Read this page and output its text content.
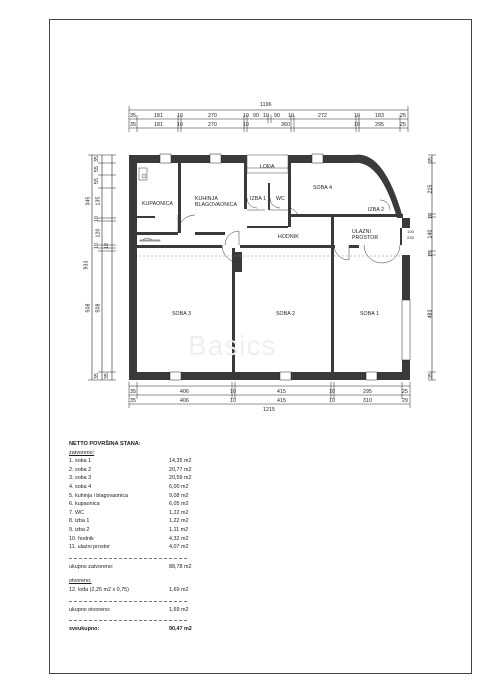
1196
35	181	10	270	10 90 10 90 10	272	10	183	25
35	181	10	270	10	360	10	295	25
35	406	10	415	10	295	25
35	406	10	415	10	310	29
1215
933
345
508 508
35
55
55
135
10
120
10 10
35 35
35
215
10
140
15
483
35
100
230
KUPAONICA
KUHINJA
BLAGOVAONICA
LOĐA
IZBA 1 WC
SOBA 4
IZBA 2
HODNIK
ULAZNI
PROSTOR
SOBA 3	SOBA 2	SOBA 1
Basics
NETTO POVRŠINA STANA:
zatvoreno:
1. soba 1	14,35 m2
2. soba 2	20,77 m2
3. soba 3	20,59 m2
4. soba 4	6,00 m2
5. kuhinja i blagovaonica	9,08 m2
6. kupaonica	6,05 m2
7. WC	1,22 m2
8. izba 1	1,22 m2
9. izba 2	1,11 m2
10. hodnik	4,32 m2
11. ulazni prostor	4,07 m2
ukupno zatvoreno:	88,78 m2
otvoreno:
12. lođa (2,25 m2 x 0,75)	1,69 m2
ukupno otvoreno:	1,69 m2
sveukupno:	90,47 m2
